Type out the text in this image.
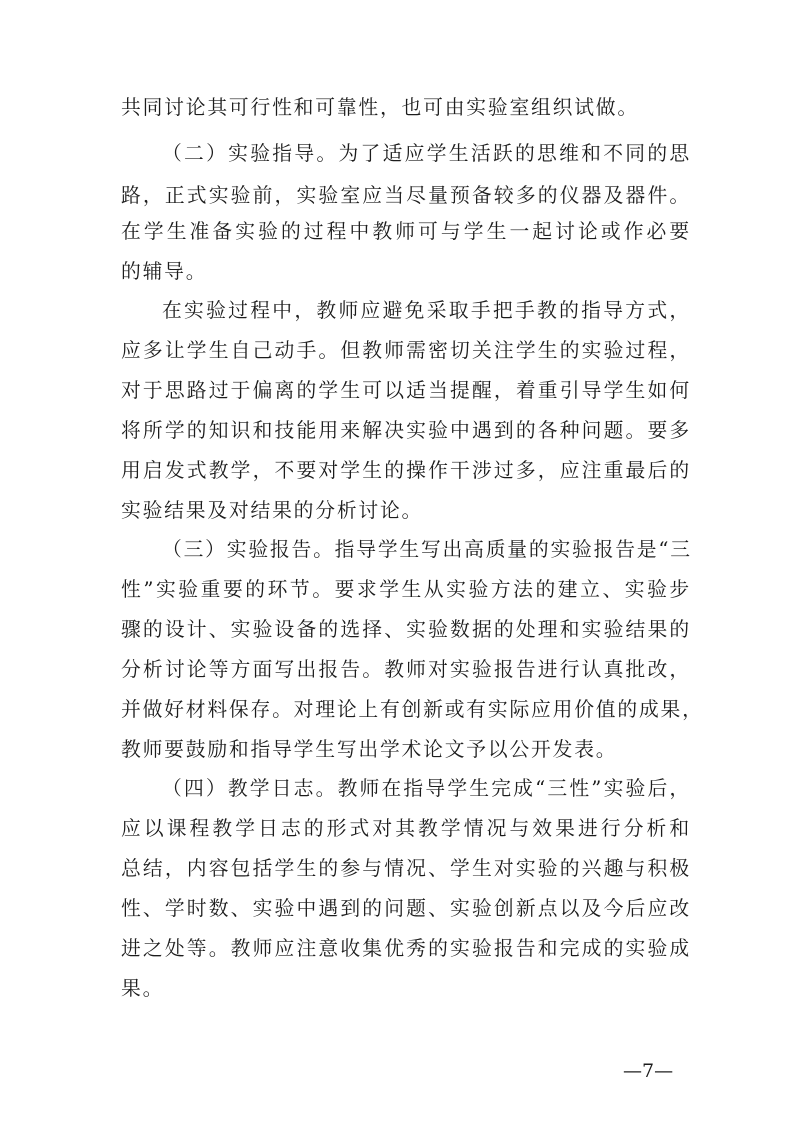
共同讨论其可行性和可靠性，也可由实验室组织试做。
（二）实验指导。为了适应学生活跃的思维和不同的思
路，正式实验前，实验室应当尽量预备较多的仪器及器件。
在学生准备实验的过程中教师可与学生一起讨论或作必要
的辅导。
在实验过程中，教师应避免采取手把手教的指导方式，
应多让学生自己动手。但教师需密切关注学生的实验过程，
对于思路过于偏离的学生可以适当提醒，着重引导学生如何
将所学的知识和技能用来解决实验中遇到的各种问题。要多
用启发式教学，不要对学生的操作干涉过多，应注重最后的
实验结果及对结果的分析讨论。
（三）实验报告。指导学生写出高质量的实验报告是“三
性”实验重要的环节。要求学生从实验方法的建立、实验步
骤的设计、实验设备的选择、实验数据的处理和实验结果的
分析讨论等方面写出报告。教师对实验报告进行认真批改，
并做好材料保存。对理论上有创新或有实际应用价值的成果，
教师要鼓励和指导学生写出学术论文予以公开发表。
（四）教学日志。教师在指导学生完成“三性”实验后，
应以课程教学日志的形式对其教学情况与效果进行分析和
总结，内容包括学生的参与情况、学生对实验的兴趣与积极
性、学时数、实验中遇到的问题、实验创新点以及今后应改
进之处等。教师应注意收集优秀的实验报告和完成的实验成
果。
—7—
